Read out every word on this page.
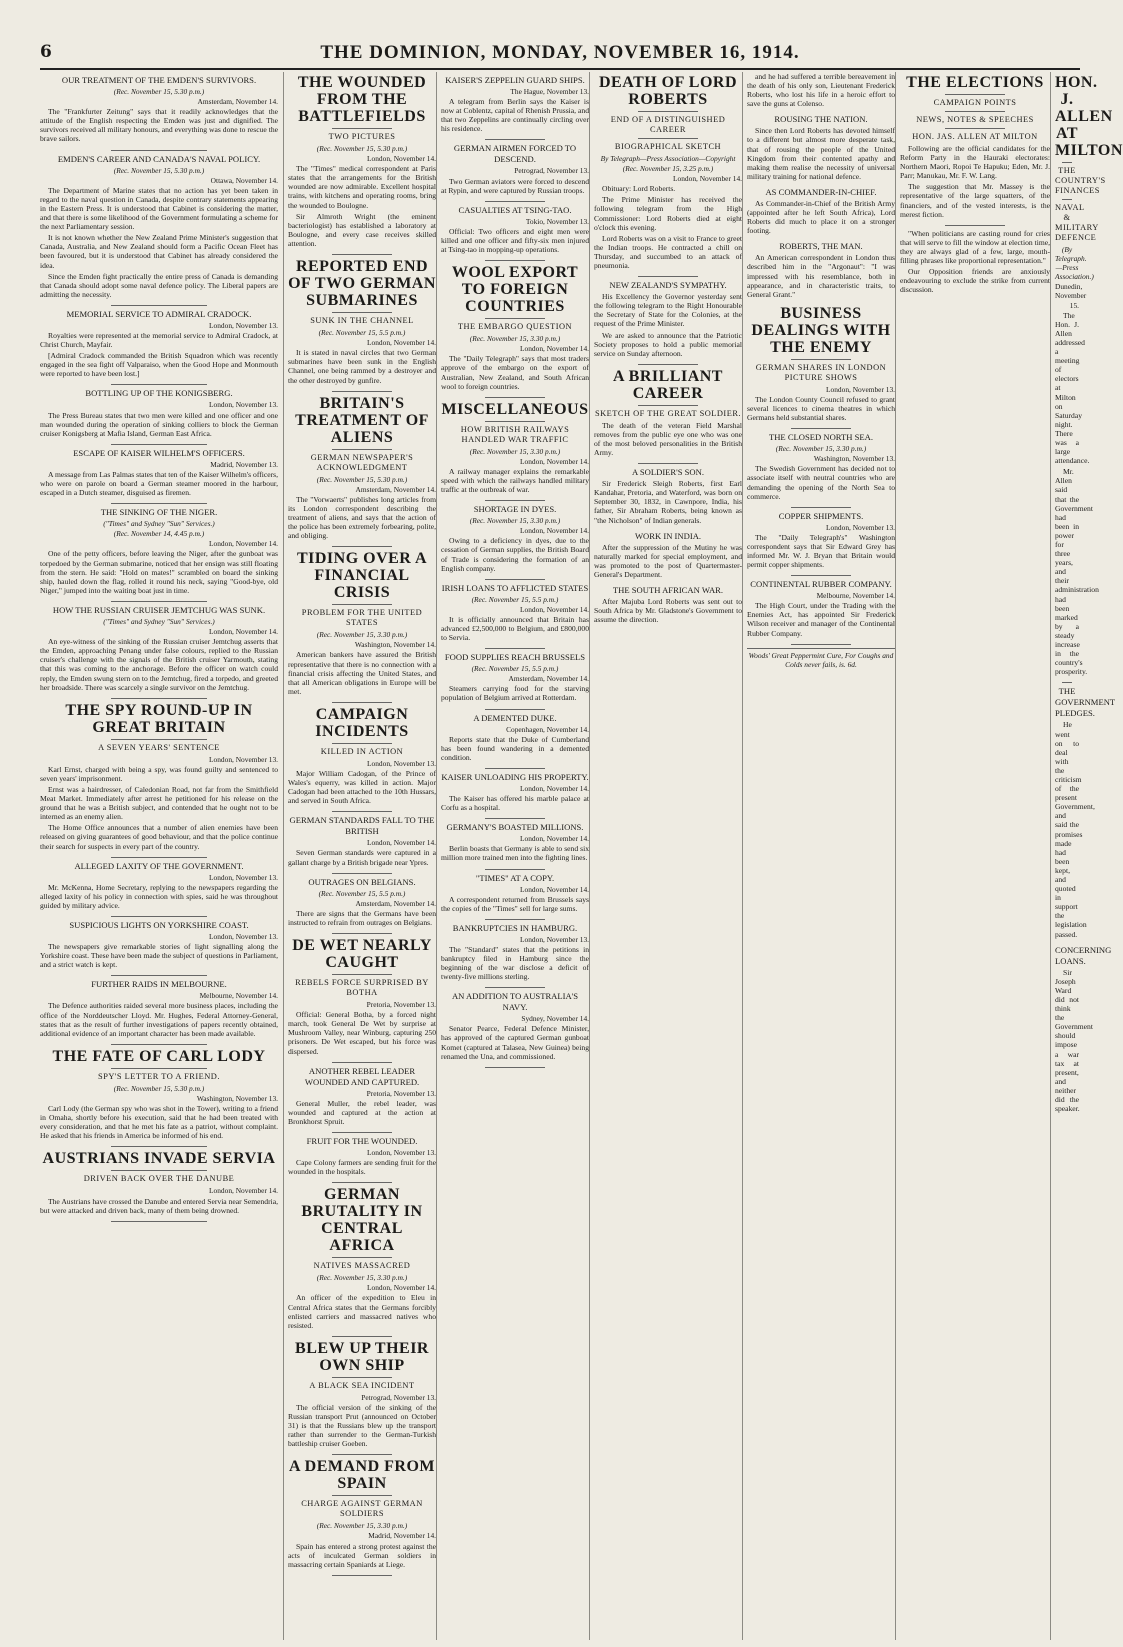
6	THE DOMINION, MONDAY, NOVEMBER 16, 1914.
OUR TREATMENT OF THE EMDEN'S SURVIVORS.
(Rec. November 15, 5.30 p.m.)
Amsterdam, November 14.

The "Frankfurter Zeitung" says that it readily acknowledges that the attitude of the English respecting the Emden was just and dignified. The survivors received all military honours, and everything was done to rescue the brave sailors.

EMDEN'S CAREER AND CANADA'S NAVAL POLICY.
(Rec. November 15, 5.30 p.m.)
Ottawa, November 14.

The Department of Marine states that no action has yet been taken in regard to the naval question in Canada, despite contrary statements appearing in the Eastern Press. It is understood that Cabinet is considering the matter, and that there is some likelihood of the Government formulating a scheme for the next Parliamentary session.

It is not known whether the New Zealand Prime Minister's suggestion that Canada, Australia, and New Zealand should form a Pacific Ocean Fleet has been favoured, but it is understood that Cabinet has already considered the idea.

Since the Emden fight practically the entire press of Canada is demanding that Canada should adopt some naval defence policy. The Liberal papers are admitting the necessity.

MEMORIAL SERVICE TO ADMIRAL CRADOCK.
London, November 13.

Royalties were represented at the memorial service to Admiral Cradock, at Christ Church, Mayfair.

[Admiral Cradock commanded the British Squadron which was recently engaged in the sea fight off Valparaiso, when the Good Hope and Monmouth were reported to have been lost.]

BOTTLING UP OF THE KONIGSBERG.
London, November 13.

The Press Bureau states that two men were killed and one officer and one man wounded during the operation of sinking colliers to block the German cruiser Konigsberg at Mafia Island, German East Africa.

ESCAPE OF KAISER WILHELM'S OFFICERS.
Madrid, November 13.

A message from Las Palmas states that ten of the Kaiser Wilhelm's officers, who were on parole on board a German steamer moored in the harbour, escaped in a Dutch steamer, disguised as firemen.

THE SINKING OF THE NIGER.
("Times" and Sydney "Sun" Services.)
(Rec. November 14, 4.45 p.m.)
London, November 14.

One of the petty officers, before leaving the Niger, after the gunboat was torpedoed by the German submarine, noticed that her ensign was still floating from the stern. He said: "Hold on mates!" scrambled on board the sinking ship, hauled down the flag, rolled it round his neck, saying "Good-bye, old Niger," jumped into the waiting boat just in time.

HOW THE RUSSIAN CRUISER JEMTCHUG WAS SUNK.
("Times" and Sydney "Sun" Services.)
London, November 14.

An eye-witness of the sinking of the Russian cruiser Jemtchug asserts that the Emden, approaching Penang under false colours, replied to the Russian cruiser's challenge with the signals of the British cruiser Yarmouth, stating that this was coming to the anchorage. Before the officer on watch could reply, the Emden swung stern on to the Jemtchug, fired a torpedo, and greeted her broadside. There was scarcely a single survivor on the Jemtchug.

THE SPY ROUND-UP IN GREAT BRITAIN
A SEVEN YEARS' SENTENCE
London, November 13.

Karl Ernst, charged with being a spy, was found guilty and sentenced to seven years' imprisonment.

Ernst was a hairdresser, of Caledonian Road, not far from the Smithfield Meat Market. Immediately after arrest he petitioned for his release on the ground that he was a British subject, and contended that he ought not to be interned as an enemy alien.

The Home Office announces that a number of alien enemies have been released on giving guarantees of good behaviour, and that the police continue their search for suspects in every part of the country.

ALLEGED LAXITY OF THE GOVERNMENT.
London, November 13.

Mr. McKenna, Home Secretary, replying to the newspapers regarding the alleged laxity of his policy in connection with spies, said he was throughout guided by military advice.

SUSPICIOUS LIGHTS ON YORKSHIRE COAST.
London, November 13.

The newspapers give remarkable stories of light signalling along the Yorkshire coast. These have been made the subject of questions in Parliament, and a strict watch is kept.

FURTHER RAIDS IN MELBOURNE.
Melbourne, November 14.

The Defence authorities raided several more business places, including the office of the Norddeutscher Lloyd. Mr. Hughes, Federal Attorney-General, states that as the result of further investigations of papers recently obtained, additional evidence of an important character has been made available.

THE FATE OF CARL LODY
SPY'S LETTER TO A FRIEND.
(Rec. November 15, 5.30 p.m.)
Washington, November 13.

Carl Lody (the German spy who was shot in the Tower), writing to a friend in Omaha, shortly before his execution, said that he had been treated with every consideration, and that he met his fate as a patriot, without complaint. He asked that his friends in America be informed of his end.

AUSTRIANS INVADE SERVIA
DRIVEN BACK OVER THE DANUBE
London, November 14.

The Austrians have crossed the Danube and entered Servia near Semendria, but were attacked and driven back, many of them being drowned.

THE WOUNDED FROM THE BATTLEFIELDS
TWO PICTURES
(Rec. November 15, 5.30 p.m.)
London, November 14.

The "Times" medical correspondent at Paris states that the arrangements for the British wounded are now admirable. Excellent hospital trains, with kitchens and operating rooms, bring the wounded to Boulogne.

Sir Almroth Wright (the eminent bacteriologist) has established a laboratory at Boulogne, and every case receives skilled attention.

REPORTED END OF TWO GERMAN SUBMARINES
SUNK IN THE CHANNEL
(Rec. November 15, 5.5 p.m.)
London, November 14.

It is stated in naval circles that two German submarines have been sunk in the English Channel, one being rammed by a destroyer and the other destroyed by gunfire.

BRITAIN'S TREATMENT OF ALIENS
GERMAN NEWSPAPER'S ACKNOWLEDGMENT
(Rec. November 15, 5.30 p.m.)
Amsterdam, November 14.

The "Vorwaerts" publishes long articles from its London correspondent describing the treatment of aliens, and says that the action of the police has been extremely forbearing, polite, and obliging.

TIDING OVER A FINANCIAL CRISIS
PROBLEM FOR THE UNITED STATES
(Rec. November 15, 3.30 p.m.)
Washington, November 14.

American bankers have assured the British representative that there is no connection with a financial crisis affecting the United States, and that all American obligations in Europe will be met.

CAMPAIGN INCIDENTS
KILLED IN ACTION
London, November 13.

Major William Cadogan, of the Prince of Wales's equerry, was killed in action. Major Cadogan had been attached to the 10th Hussars, and served in South Africa.

GERMAN STANDARDS FALL TO THE BRITISH
London, November 14.

Seven German standards were captured in a gallant charge by a British brigade near Ypres.

OUTRAGES ON BELGIANS.
(Rec. November 15, 5.5 p.m.)
Amsterdam, November 14.

There are signs that the Germans have been instructed to refrain from outrages on Belgians.

DE WET NEARLY CAUGHT
REBELS FORCE SURPRISED BY BOTHA
Pretoria, November 13.

Official: General Botha, by a forced night march, took General De Wet by surprise at Mushroom Valley, near Winburg, capturing 250 prisoners. De Wet escaped, but his force was dispersed.

ANOTHER REBEL LEADER WOUNDED AND CAPTURED.
Pretoria, November 13.

General Muller, the rebel leader, was wounded and captured at the action at Bronkhorst Spruit.

FRUIT FOR THE WOUNDED.
London, November 13.

Cape Colony farmers are sending fruit for the wounded in the hospitals.

GERMAN BRUTALITY IN CENTRAL AFRICA
NATIVES MASSACRED
(Rec. November 15, 3.30 p.m.)
London, November 14.

An officer of the expedition to Eleu in Central Africa states that the Germans forcibly enlisted carriers and massacred natives who resisted.

BLEW UP THEIR OWN SHIP
A BLACK SEA INCIDENT
Petrograd, November 13.

The official version of the sinking of the Russian transport Prut (announced on October 31) is that the Russians blew up the transport rather than surrender to the German-Turkish battleship cruiser Goeben.

A DEMAND FROM SPAIN
CHARGE AGAINST GERMAN SOLDIERS
(Rec. November 15, 3.30 p.m.)
Madrid, November 14.

Spain has entered a strong protest against the acts of inculcated German soldiers in massacring certain Spaniards at Liege.

KAISER'S ZEPPELIN GUARD SHIPS.
The Hague, November 13.

A telegram from Berlin says the Kaiser is now at Coblentz, capital of Rhenish Prussia, and that two Zeppelins are continually circling over his residence.

GERMAN AIRMEN FORCED TO DESCEND.
Petrograd, November 13.

Two German aviators were forced to descend at Rypin, and were captured by Russian troops.

CASUALTIES AT TSING-TAO.
Tokio, November 13.

Official: Two officers and eight men were killed and one officer and fifty-six men injured at Tsing-tao in mopping-up operations.

WOOL EXPORT TO FOREIGN COUNTRIES
THE EMBARGO QUESTION
(Rec. November 15, 3.30 p.m.)
London, November 14.

The "Daily Telegraph" says that most traders approve of the embargo on the export of Australian, New Zealand, and South African wool to foreign countries.

MISCELLANEOUS
HOW BRITISH RAILWAYS HANDLED WAR TRAFFIC
(Rec. November 15, 3.30 p.m.)
London, November 14.

A railway manager explains the remarkable speed with which the railways handled military traffic at the outbreak of war.

SHORTAGE IN DYES.
(Rec. November 15, 3.30 p.m.)
London, November 14.

Owing to a deficiency in dyes, due to the cessation of German supplies, the British Board of Trade is considering the formation of an English company.

IRISH LOANS TO AFFLICTED STATES
(Rec. November 15, 5.5 p.m.)
London, November 14.

It is officially announced that Britain has advanced £2,500,000 to Belgium, and £800,000 to Servia.

FOOD SUPPLIES REACH BRUSSELS
(Rec. November 15, 5.5 p.m.)
Amsterdam, November 14.

Steamers carrying food for the starving population of Belgium arrived at Rotterdam.

A DEMENTED DUKE.
Copenhagen, November 14.

Reports state that the Duke of Cumberland has been found wandering in a demented condition.

KAISER UNLOADING HIS PROPERTY.
London, November 14.

The Kaiser has offered his marble palace at Corfu as a hospital.

GERMANY'S BOASTED MILLIONS.
London, November 14.

Berlin boasts that Germany is able to send six million more trained men into the fighting lines.

"TIMES" AT A COPY.
London, November 14.

A correspondent returned from Brussels says the copies of the "Times" sell for large sums.

BANKRUPTCIES IN HAMBURG.
London, November 13.

The "Standard" states that the petitions in bankruptcy filed in Hamburg since the beginning of the war disclose a deficit of twenty-five millions sterling.

AN ADDITION TO AUSTRALIA'S NAVY.
Sydney, November 14.

Senator Pearce, Federal Defence Minister, has approved of the captured German gunboat Komet (captured at Talasea, New Guinea) being renamed the Una, and commissioned.

DEATH OF LORD ROBERTS
END OF A DISTINGUISHED CAREER
BIOGRAPHICAL SKETCH
By Telegraph—Press Association—Copyright
(Rec. November 15, 3.25 p.m.)
London, November 14.

Obituary: Lord Roberts.

The Prime Minister has received the following telegram from the High Commissioner: Lord Roberts died at eight o'clock this evening.

Lord Roberts was on a visit to France to greet the Indian troops. He contracted a chill on Thursday, and succumbed to an attack of pneumonia.

NEW ZEALAND'S SYMPATHY.

His Excellency the Governor yesterday sent the following telegram to the Right Honourable the Secretary of State for the Colonies, at the request of the Prime Minister.

We are asked to announce that the Patriotic Society proposes to hold a public memorial service on Sunday afternoon.

A BRILLIANT CAREER
SKETCH OF THE GREAT SOLDIER.

The death of the veteran Field Marshal removes from the public eye one who was one of the most beloved personalities in the British Army.

A SOLDIER'S SON.

Sir Frederick Sleigh Roberts, first Earl Kandahar, Pretoria, and Waterford, was born on September 30, 1832, in Cawnpore, India, his father, Sir Abraham Roberts, being known as "the Nicholson" of Indian generals.

WORK IN INDIA.

After the suppression of the Mutiny he was naturally marked for special employment, and was promoted to the post of Quartermaster-General's Department.

THE SOUTH AFRICAN WAR.

After Majuba Lord Roberts was sent out to South Africa by Mr. Gladstone's Government to assume the direction.

and he had suffered a terrible bereavement in the death of his only son, Lieutenant Frederick Roberts, who lost his life in a heroic effort to save the guns at Colenso.

ROUSING THE NATION.

Since then Lord Roberts has devoted himself to a different but almost more desperate task, that of rousing the people of the United Kingdom from their contented apathy and making them realise the necessity of universal military training for national defence.

AS COMMANDER-IN-CHIEF.

As Commander-in-Chief of the British Army (appointed after he left South Africa), Lord Roberts did much to place it on a stronger footing.

ROBERTS, THE MAN.

An American correspondent in London thus described him in the "Argonaut": "I was impressed with his resemblance, both in appearance, and in characteristic traits, to General Grant."

BUSINESS DEALINGS WITH THE ENEMY
GERMAN SHARES IN LONDON PICTURE SHOWS
London, November 13.

The London County Council refused to grant several licences to cinema theatres in which Germans held substantial shares.

THE CLOSED NORTH SEA.
(Rec. November 15, 3.30 p.m.)
Washington, November 13.

The Swedish Government has decided not to associate itself with neutral countries who are demanding the opening of the North Sea to commerce.

COPPER SHIPMENTS.
London, November 13.

The "Daily Telegraph's" Washington correspondent says that Sir Edward Grey has informed Mr. W. J. Bryan that Britain would permit copper shipments.

CONTINENTAL RUBBER COMPANY.
Melbourne, November 14.

The High Court, under the Trading with the Enemies Act, has appointed Sir Frederick Wilson receiver and manager of the Continental Rubber Company.

Woods' Great Peppermint Cure, For Coughs and Colds never fails, is. 6d.
THE ELECTIONS
CAMPAIGN POINTS
NEWS, NOTES & SPEECHES
HON. JAS. ALLEN AT MILTON

Following are the official candidates for the Reform Party in the Hauraki electorates: Northern Maori, Ropoi Te Hapuku; Eden, Mr. J. Parr; Manukau, Mr. F. W. Lang.

The suggestion that Mr. Massey is the representative of the large squatters, of the financiers, and of the vested interests, is the merest fiction.

"When politicians are casting round for cries that will serve to fill the window at election time, they are always glad of a few, large, mouth-filling phrases like proportional representation."

Our Opposition friends are anxiously endeavouring to exclude the strike from current discussion.

HON. J. ALLEN AT MILTON
THE COUNTRY'S FINANCES
NAVAL & MILITARY DEFENCE
(By Telegraph.—Press Association.)
Dunedin, November 15.

The Hon. J. Allen addressed a meeting of electors at Milton on Saturday night. There was a large attendance.

Mr. Allen said that the Government had been in power for three years, and their administration had been marked by a steady increase in the country's prosperity.

THE GOVERNMENT PLEDGES.

He went on to deal with the criticism of the present Government, and said the promises made had been kept, and quoted in support the legislation passed.

CONCERNING LOANS.

Sir Joseph Ward did not think the Government should impose a war tax at present, and neither did the speaker.
